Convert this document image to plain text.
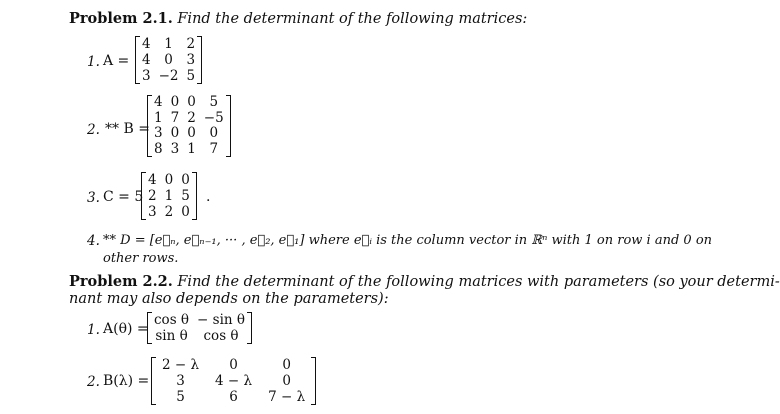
Problem 2.1. Find the determinant of the following matrices:
1. A =
4	1	2
4	0	3
3	−2	5
2. ** B =
4	0	0	5
1	7	2	−5
3	0	0	0
8	3	1	7
3. C = 5
4	0	0
2	1	5
3	2	0
.
4. ** D = [e⃗ₙ, e⃗ₙ₋₁, ··· , e⃗₂, e⃗₁] where e⃗ᵢ is the column vector in ℝⁿ with 1 on row i and 0 on
other rows.
Problem 2.2. Find the determinant of the following matrices with parameters (so your determi-
nant may also depends on the parameters):
1. A(θ) =
cos θ	− sin θ
sin θ	cos θ
2. B(λ) =
2 − λ	0	0
3	4 − λ	0
5	6	7 − λ
